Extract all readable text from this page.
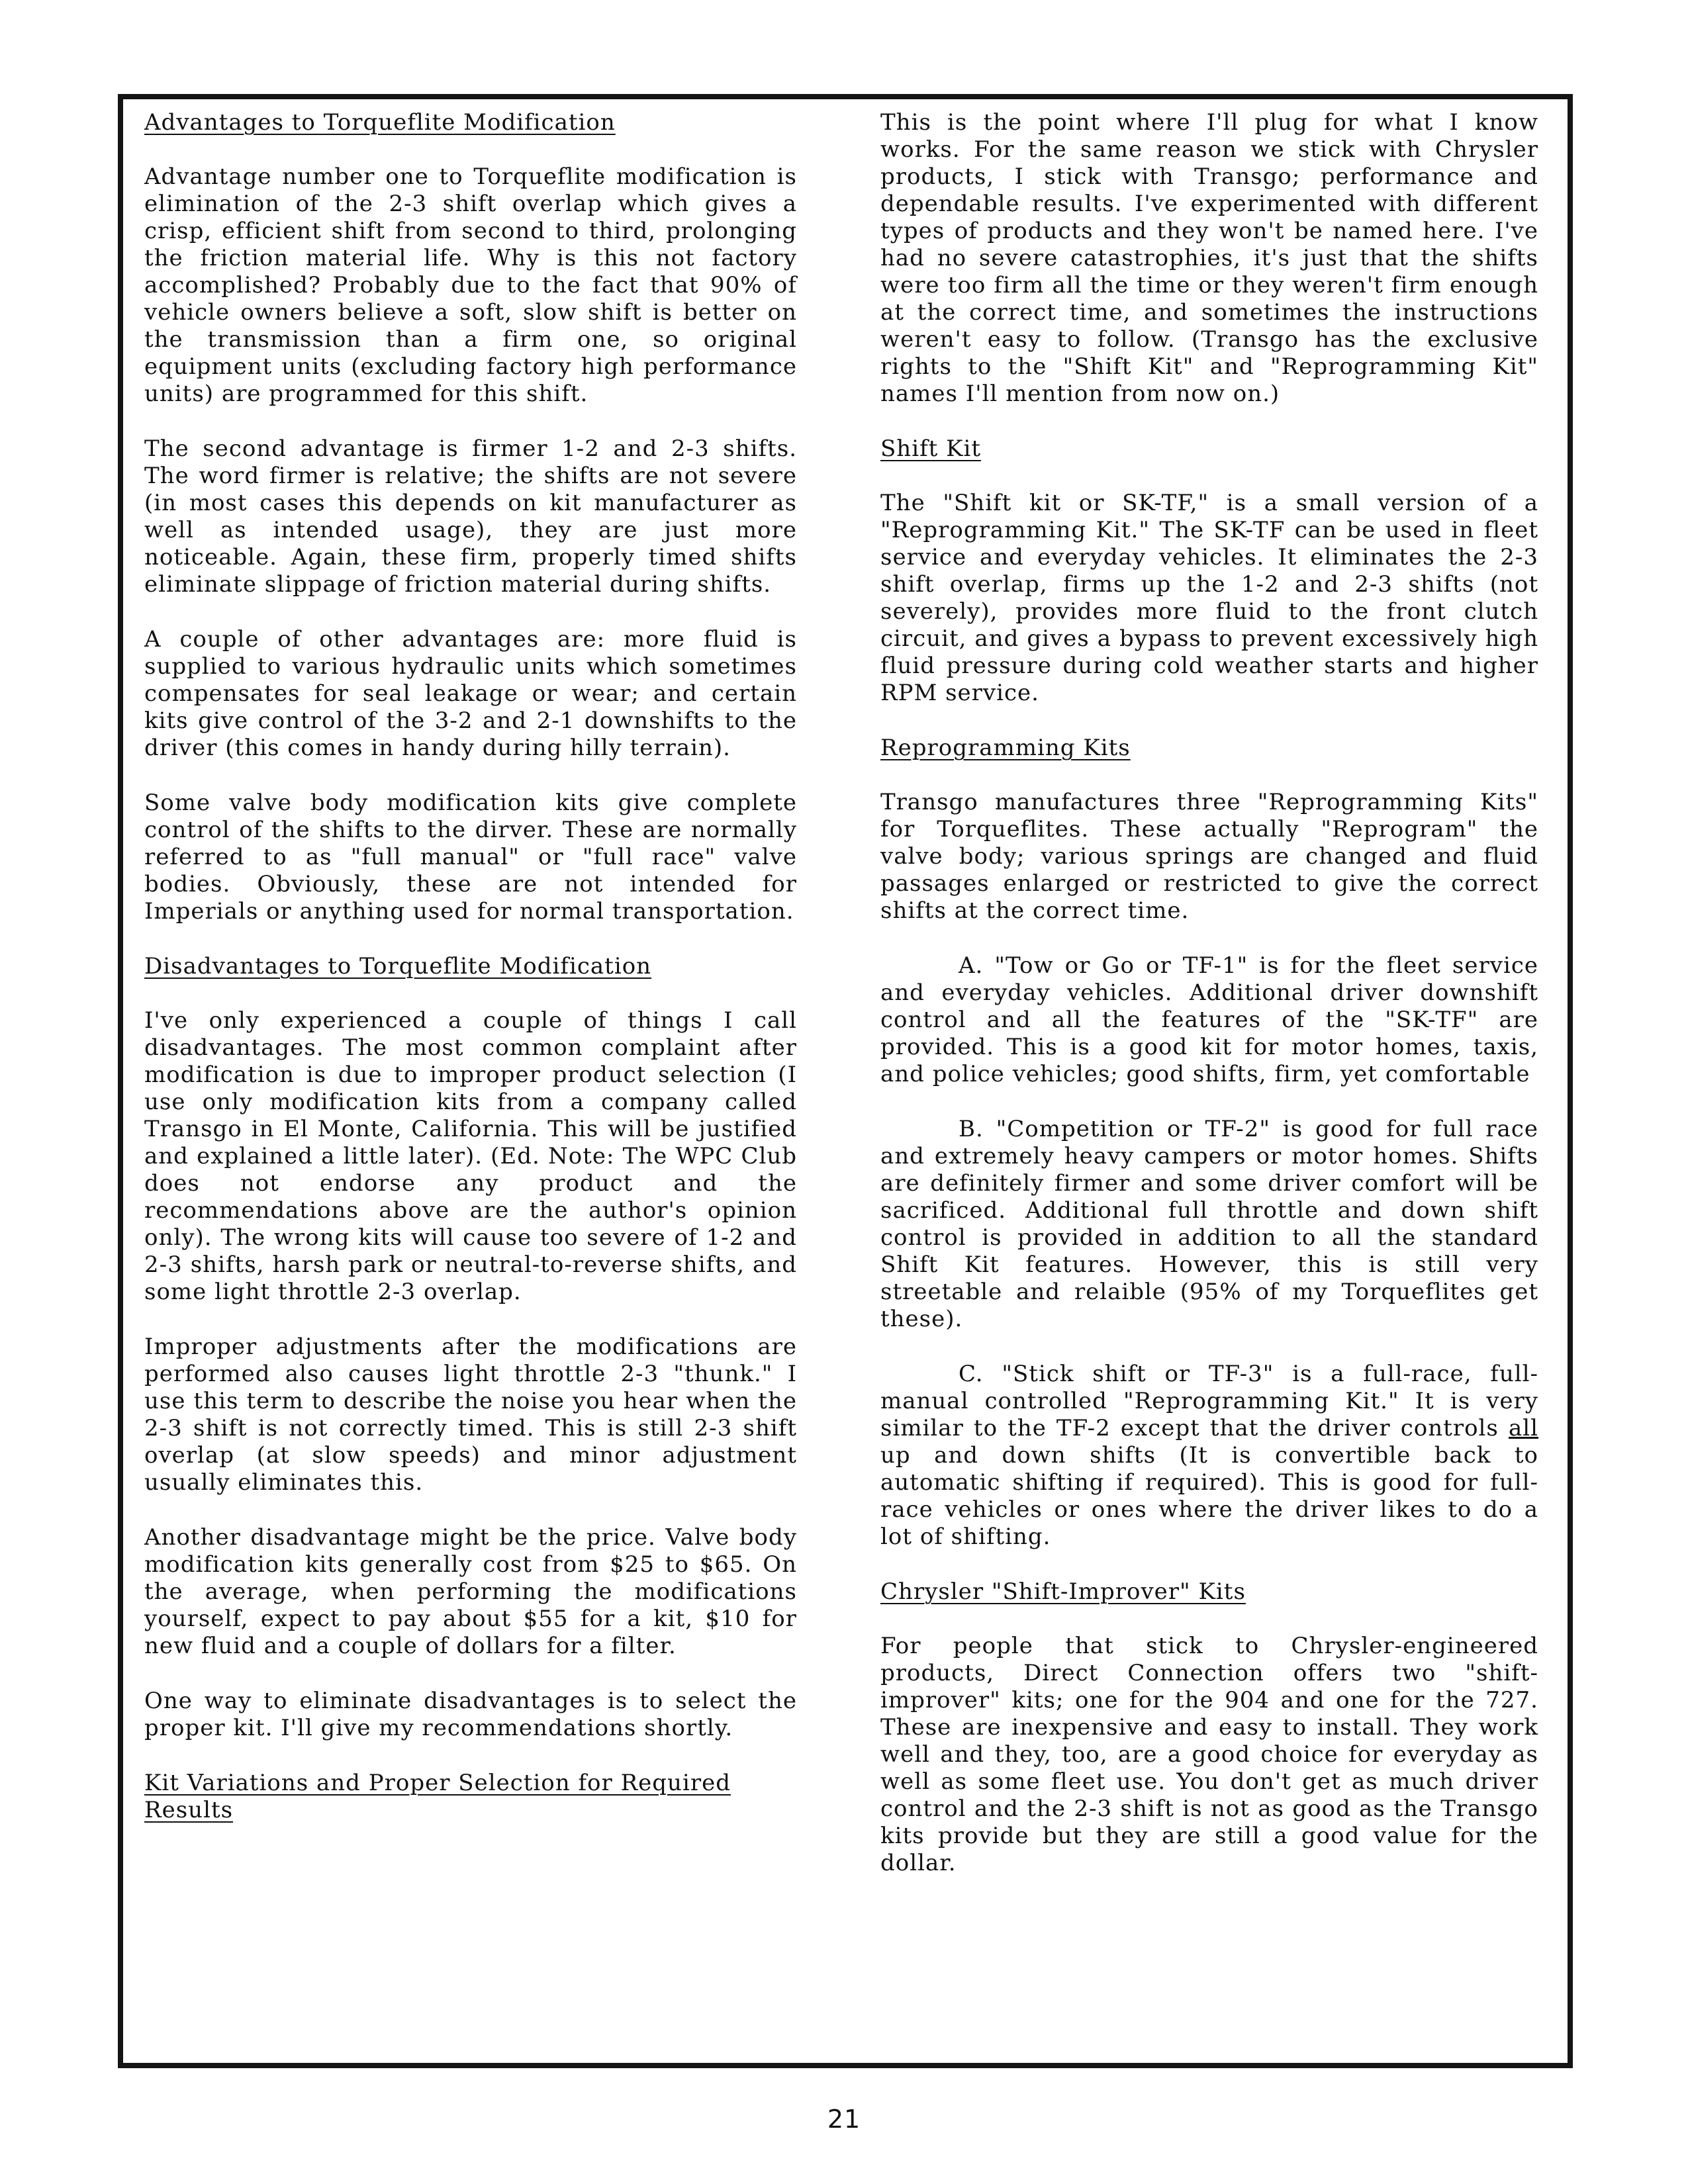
Advantages to Torqueflite Modification

Advantage number one to Torqueflite modification is elimination of the 2-3 shift overlap which gives a crisp, efficient shift from second to third, prolonging the friction material life. Why is this not factory accomplished? Probably due to the fact that 90% of vehicle owners believe a soft, slow shift is better on the transmission than a firm one, so original equipment units (excluding factory high performance units) are programmed for this shift.

The second advantage is firmer 1-2 and 2-3 shifts. The word firmer is relative; the shifts are not severe (in most cases this depends on kit manufacturer as well as intended usage), they are just more noticeable. Again, these firm, properly timed shifts eliminate slippage of friction material during shifts.

A couple of other advantages are: more fluid is supplied to various hydraulic units which sometimes compensates for seal leakage or wear; and certain kits give control of the 3-2 and 2-1 downshifts to the driver (this comes in handy during hilly terrain).

Some valve body modification kits give complete control of the shifts to the dirver. These are normally referred to as "full manual" or "full race" valve bodies. Obviously, these are not intended for Imperials or anything used for normal transportation.

Disadvantages to Torqueflite Modification

I've only experienced a couple of things I call disadvantages. The most common complaint after modification is due to improper product selection (I use only modification kits from a company called Transgo in El Monte, California. This will be justified and explained a little later). (Ed. Note: The WPC Club does not endorse any product and the recommendations above are the author's opinion only). The wrong kits will cause too severe of 1-2 and 2-3 shifts, harsh park or neutral-to-reverse shifts, and some light throttle 2-3 overlap.

Improper adjustments after the modifications are performed also causes light throttle 2-3 "thunk." I use this term to describe the noise you hear when the 2-3 shift is not correctly timed. This is still 2-3 shift overlap (at slow speeds) and minor adjustment usually eliminates this.

Another disadvantage might be the price. Valve body modification kits generally cost from $25 to $65. On the average, when performing the modifications yourself, expect to pay about $55 for a kit, $10 for new fluid and a couple of dollars for a filter.

One way to eliminate disadvantages is to select the proper kit. I'll give my recommendations shortly.

Kit Variations and Proper Selection for Required Results

This is the point where I'll plug for what I know works. For the same reason we stick with Chrysler products, I stick with Transgo; performance and dependable results. I've experimented with different types of products and they won't be named here. I've had no severe catastrophies, it's just that the shifts were too firm all the time or they weren't firm enough at the correct time, and sometimes the instructions weren't easy to follow. (Transgo has the exclusive rights to the "Shift Kit" and "Reprogramming Kit" names I'll mention from now on.)

Shift Kit

The "Shift kit or SK-TF," is a small version of a "Reprogramming Kit." The SK-TF can be used in fleet service and everyday vehicles. It eliminates the 2-3 shift overlap, firms up the 1-2 and 2-3 shifts (not severely), provides more fluid to the front clutch circuit, and gives a bypass to prevent excessively high fluid pressure during cold weather starts and higher RPM service.

Reprogramming Kits

Transgo manufactures three "Reprogramming Kits" for Torqueflites. These actually "Reprogram" the valve body; various springs are changed and fluid passages enlarged or restricted to give the correct shifts at the correct time.

A. "Tow or Go or TF-1" is for the fleet service and everyday vehicles. Additional driver downshift control and all the features of the "SK-TF" are provided. This is a good kit for motor homes, taxis, and police vehicles; good shifts, firm, yet comfortable

B. "Competition or TF-2" is good for full race and extremely heavy campers or motor homes. Shifts are definitely firmer and some driver comfort will be sacrificed. Additional full throttle and down shift control is provided in addition to all the standard Shift Kit features. However, this is still very streetable and relaible (95% of my Torqueflites get these).

C. "Stick shift or TF-3" is a full-race, full-manual controlled "Reprogramming Kit." It is very similar to the TF-2 except that the driver controls all up and down shifts (It is convertible back to automatic shifting if required). This is good for full-race vehicles or ones where the driver likes to do a lot of shifting.

Chrysler "Shift-Improver" Kits

For people that stick to Chrysler-engineered products, Direct Connection offers two "shift-improver" kits; one for the 904 and one for the 727. These are inexpensive and easy to install. They work well and they, too, are a good choice for everyday as well as some fleet use. You don't get as much driver control and the 2-3 shift is not as good as the Transgo kits provide but they are still a good value for the dollar.

21
